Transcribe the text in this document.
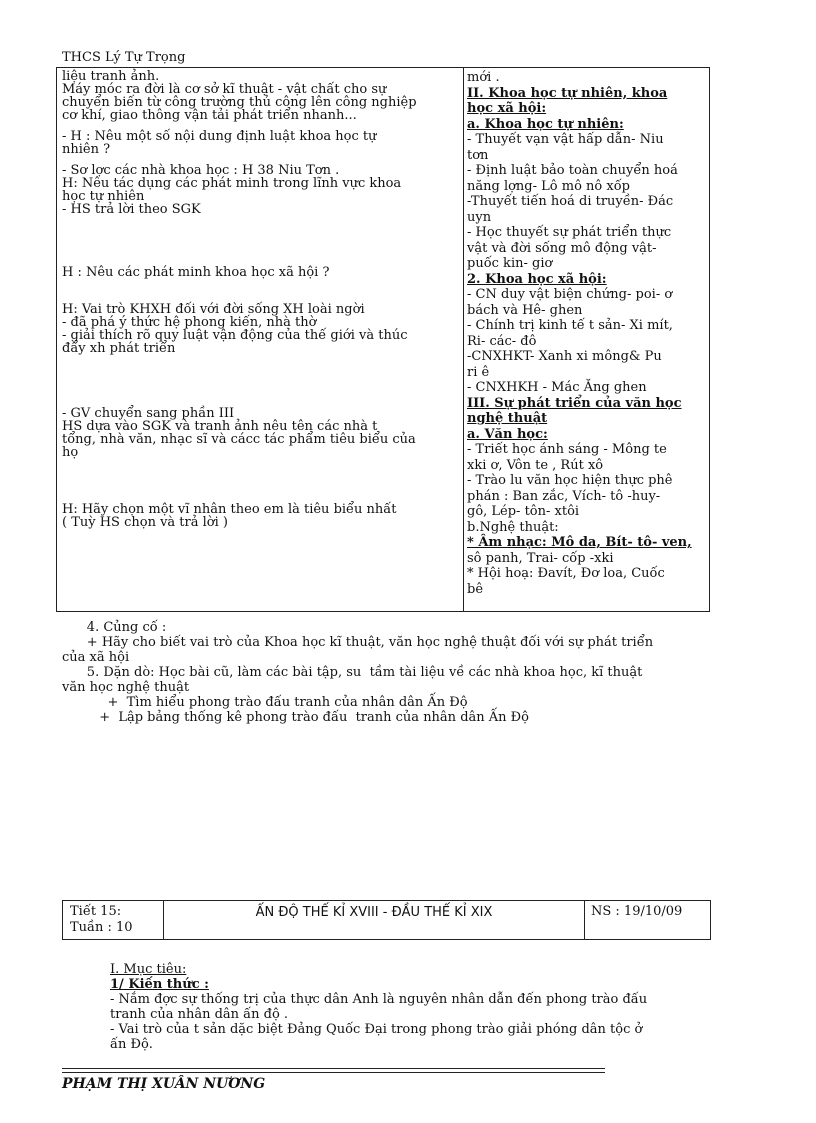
THCS Lý Tự Trọng
liệu tranh ảnh.
Máy móc ra đời là cơ sở kĩ thuật - vật chất cho sự
chuyển biến từ công trường thủ công lên công nghiệp
cơ khí, giao thông vận tải phát triển nhanh...
- H : Nêu một số nội dung định luật khoa học tự
nhiên ?
- Sơ lợc các nhà khoa học : H 38 Niu Tơn .
H: Nêu tác dụng các phát minh trong lĩnh vực khoa
học tự nhiên
- HS trả lời theo SGK
H : Nêu các phát minh khoa học xã hội ?
H: Vai trò KHXH đối với đời sống XH loài ngời
- đã phá ý thức hệ phong kiến, nhà thờ
- giải thích rõ quy luật vận động của thế giới và thúc
đẩy xh phát triển
- GV chuyển sang phần III
HS dựa vào SGK và tranh ảnh nêu tên các nhà t
tổng, nhà văn, nhạc sĩ và cácc tác phẩm tiêu biểu của
họ
H: Hãy chọn một vĩ nhân theo em là tiêu biểu nhất
( Tuỳ HS chọn và trả lời )
mới .
II. Khoa học tự nhiên, khoa
học xã hội:
a. Khoa học tự nhiên:
- Thuyết vạn vật hấp dẫn- Niu
tơn
- Định luật bảo toàn chuyển hoá
năng lợng- Lô mô nô xốp
-Thuyết tiến hoá di truyền- Đác
uyn
- Học thuyết sự phát triển thực
vật và đời sống mô động vật-
puốc kin- giơ
2. Khoa học xã hội:
- CN duy vật biện chứng- poi- ơ
bách và Hê- ghen
- Chính trị kinh tế t sản- Xi mít,
Ri- các- đô
-CNXHKT- Xanh xi mông& Pu
ri ê
- CNXHKH - Mác Ăng ghen
III. Sự phát triển của văn học
nghệ thuật
a. Văn học:
- Triết học ánh sáng - Mông te
xki ơ, Vôn te , Rút xô
- Trào lu văn học hiện thực phê
phán : Ban zắc, Vích- tô -huy-
gô, Lép- tôn- xtôi
b.Nghệ thuật:
* Âm nhạc: Mô da, Bít- tô- ven,
sô panh, Trai- cốp -xki
* Hội hoạ: Đavít, Đơ loa, Cuốc
bê
4. Củng cố :
+ Hãy cho biết vai trò của Khoa học kĩ thuật, văn học nghệ thuật đối với sự phát triển
của xã hội
5. Dặn dò: Học bài cũ, làm các bài tập, su  tầm tài liệu về các nhà khoa học, kĩ thuật
văn học nghệ thuật
+  Tìm hiểu phong trào đấu tranh của nhân dân Ấn Độ
+  Lập bảng thống kê phong trào đấu  tranh của nhân dân Ấn Độ
Tiết 15:
Tuần : 10
ẤN ĐỘ THẾ KỈ XVIII - ĐẦU THẾ KỈ XIX	NS : 19/10/09
I. Mục tiêu:
1/ Kiến thức :
- Nắm đợc sự thống trị của thực dân Anh là nguyên nhân dẫn đến phong trào đấu
tranh của nhân dân ấn độ .
- Vai trò của t sản dặc biệt Đảng Quốc Đại trong phong trào giải phóng dân tộc ở
ấn Độ.
PHẠM THỊ XUÂN NƯƠNG
